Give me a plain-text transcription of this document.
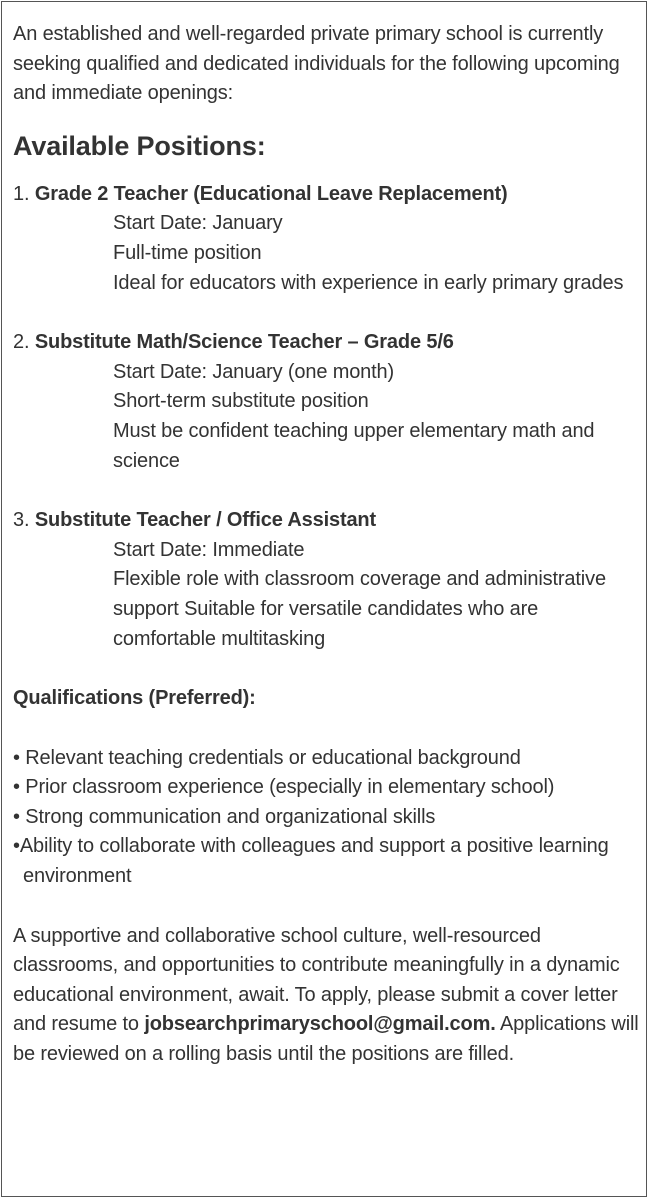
An established and well-regarded private primary school is currently seeking qualified and dedicated individuals for the following upcoming and immediate openings:

Available Positions:
1. Grade 2 Teacher (Educational Leave Replacement)
Start Date: January
Full-time position
Ideal for educators with experience in early primary grades
2. Substitute Math/Science Teacher – Grade 5/6
Start Date: January (one month)
Short-term substitute position
Must be confident teaching upper elementary math and science
3. Substitute Teacher / Office Assistant
Start Date: Immediate
Flexible role with classroom coverage and administrative support Suitable for versatile candidates who are comfortable multitasking
Qualifications (Preferred):
• Relevant teaching credentials or educational background
• Prior classroom experience (especially in elementary school)
• Strong communication and organizational skills
•Ability to collaborate with colleagues and support a positive learning environment

A supportive and collaborative school culture, well-resourced classrooms, and opportunities to contribute meaningfully in a dynamic educational environment, await. To apply, please submit a cover letter and resume to jobsearchprimaryschool@gmail.com. Applications will be reviewed on a rolling basis until the positions are filled.
